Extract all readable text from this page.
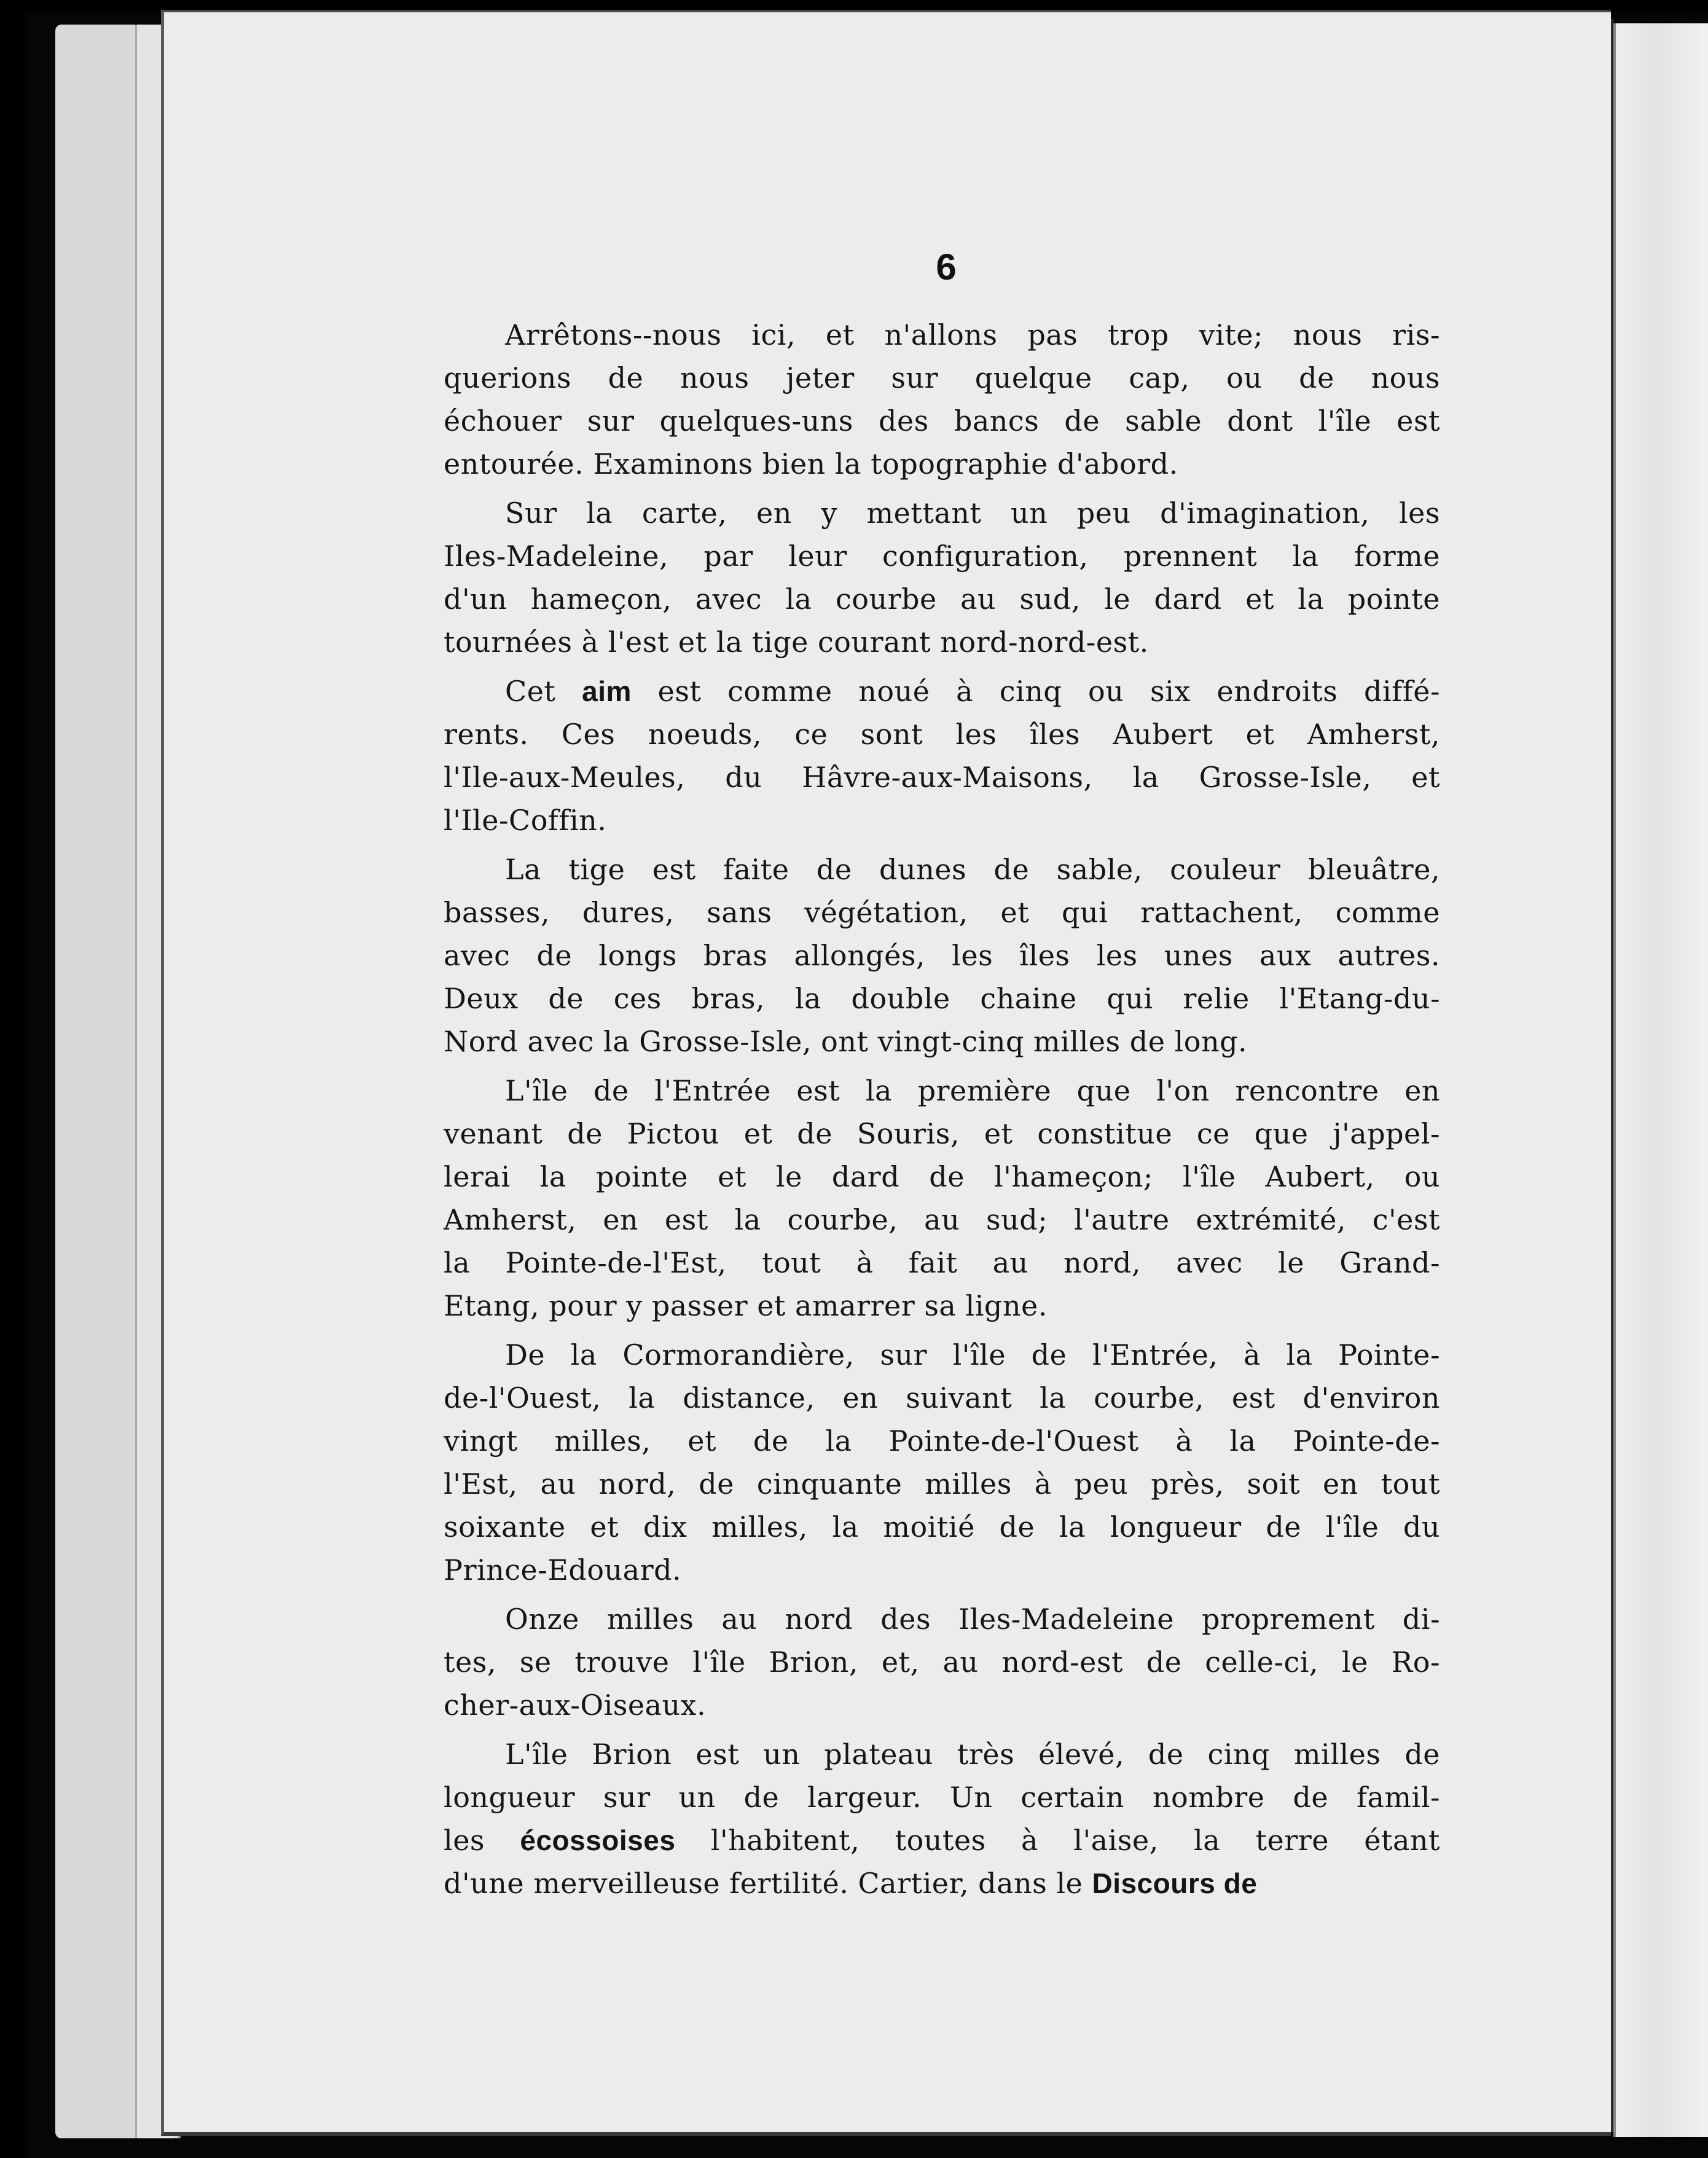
6
Arrêtons--nous ici, et n'allons pas trop vite; nous ris-
querions de nous jeter sur quelque cap, ou de nous
échouer sur quelques-uns des bancs de sable dont l'île est
entourée. Examinons bien la topographie d'abord.
Sur la carte, en y mettant un peu d'imagination, les
Iles-Madeleine, par leur configuration, prennent la forme
d'un hameçon, avec la courbe au sud, le dard et la pointe
tournées à l'est et la tige courant nord-nord-est.
Cet aim est comme noué à cinq ou six endroits diffé-
rents. Ces noeuds, ce sont les îles Aubert et Amherst,
l'Ile-aux-Meules, du Hâvre-aux-Maisons, la Grosse-Isle, et
l'Ile-Coffin.
La tige est faite de dunes de sable, couleur bleuâtre,
basses, dures, sans végétation, et qui rattachent, comme
avec de longs bras allongés, les îles les unes aux autres.
Deux de ces bras, la double chaine qui relie l'Etang-du-
Nord avec la Grosse-Isle, ont vingt-cinq milles de long.
L'île de l'Entrée est la première que l'on rencontre en
venant de Pictou et de Souris, et constitue ce que j'appel-
lerai la pointe et le dard de l'hameçon; l'île Aubert, ou
Amherst, en est la courbe, au sud; l'autre extrémité, c'est
la Pointe-de-l'Est, tout à fait au nord, avec le Grand-
Etang, pour y passer et amarrer sa ligne.
De la Cormorandière, sur l'île de l'Entrée, à la Pointe-
de-l'Ouest, la distance, en suivant la courbe, est d'environ
vingt milles, et de la Pointe-de-l'Ouest à la Pointe-de-
l'Est, au nord, de cinquante milles à peu près, soit en tout
soixante et dix milles, la moitié de la longueur de l'île du
Prince-Edouard.
Onze milles au nord des Iles-Madeleine proprement di-
tes, se trouve l'île Brion, et, au nord-est de celle-ci, le Ro-
cher-aux-Oiseaux.
L'île Brion est un plateau très élevé, de cinq milles de
longueur sur un de largeur. Un certain nombre de famil-
les écossoises l'habitent, toutes à l'aise, la terre étant
d'une merveilleuse fertilité. Cartier, dans le Discours de
